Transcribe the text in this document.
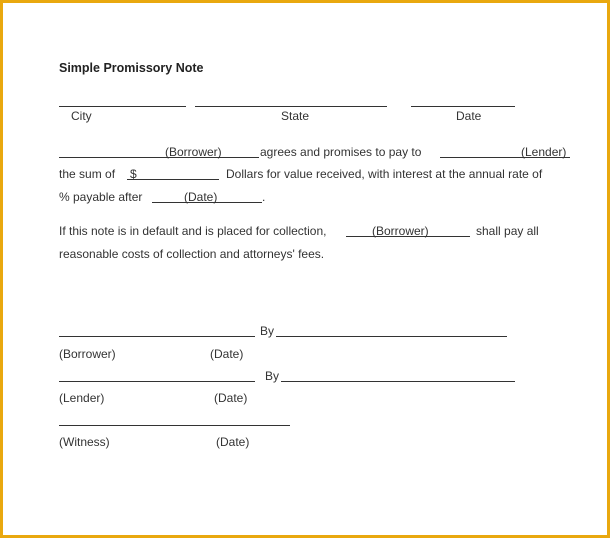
Simple Promissory Note
City	State	Date
(Borrower)	agrees and promises to pay to	(Lender)
the sum of $	Dollars for value received, with interest at the annual rate of
% payable after	(Date)	.
If this note is in default and is placed for collection,	(Borrower)	shall pay all
reasonable costs of collection and attorneys' fees.
By
(Borrower)	(Date)
By
(Lender)	(Date)
(Witness)	(Date)
